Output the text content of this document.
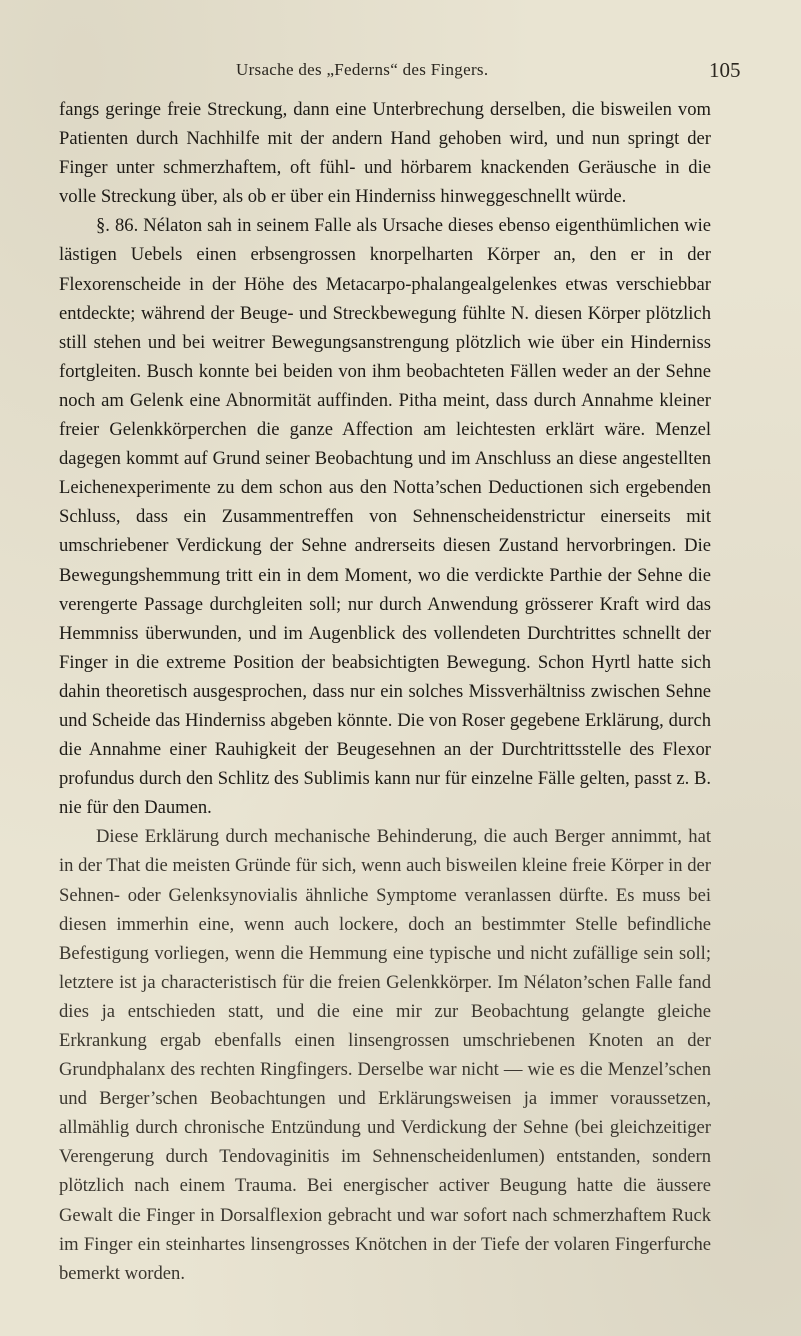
Ursache des „Federns“ des Fingers.	105

fangs geringe freie Streckung, dann eine Unterbrechung derselben, die bisweilen vom Patienten durch Nachhilfe mit der andern Hand gehoben wird, und nun springt der Finger unter schmerzhaftem, oft fühl- und hörbarem knackenden Geräusche in die volle Streckung über, als ob er über ein Hinderniss hinweggeschnellt würde.

§. 86. Nélaton sah in seinem Falle als Ursache dieses ebenso eigenthümlichen wie lästigen Uebels einen erbsengrossen knorpelharten Körper an, den er in der Flexorenscheide in der Höhe des Metacarpo-phalangealgelenkes etwas verschiebbar entdeckte; während der Beuge- und Streckbewegung fühlte N. diesen Körper plötzlich still stehen und bei weitrer Bewegungsanstrengung plötzlich wie über ein Hinderniss fortgleiten. Busch konnte bei beiden von ihm beobachteten Fällen weder an der Sehne noch am Gelenk eine Abnormität auffinden. Pitha meint, dass durch Annahme kleiner freier Gelenkkörperchen die ganze Affection am leichtesten erklärt wäre. Menzel dagegen kommt auf Grund seiner Beobachtung und im Anschluss an diese angestellten Leichenexperimente zu dem schon aus den Notta’schen Deductionen sich ergebenden Schluss, dass ein Zusammentreffen von Sehnenscheidenstrictur einerseits mit umschriebener Verdickung der Sehne andrerseits diesen Zustand hervorbringen. Die Bewegungshemmung tritt ein in dem Moment, wo die verdickte Parthie der Sehne die verengerte Passage durchgleiten soll; nur durch Anwendung grösserer Kraft wird das Hemmniss überwunden, und im Augenblick des vollendeten Durchtrittes schnellt der Finger in die extreme Position der beabsichtigten Bewegung. Schon Hyrtl hatte sich dahin theoretisch ausgesprochen, dass nur ein solches Missverhältniss zwischen Sehne und Scheide das Hinderniss abgeben könnte. Die von Roser gegebene Erklärung, durch die Annahme einer Rauhigkeit der Beugesehnen an der Durchtrittsstelle des Flexor profundus durch den Schlitz des Sublimis kann nur für einzelne Fälle gelten, passt z. B. nie für den Daumen.

Diese Erklärung durch mechanische Behinderung, die auch Berger annimmt, hat in der That die meisten Gründe für sich, wenn auch bisweilen kleine freie Körper in der Sehnen- oder Gelenksynovialis ähnliche Symptome veranlassen dürfte. Es muss bei diesen immerhin eine, wenn auch lockere, doch an bestimmter Stelle befindliche Befestigung vorliegen, wenn die Hemmung eine typische und nicht zufällige sein soll; letztere ist ja characteristisch für die freien Gelenkkörper. Im Nélaton’schen Falle fand dies ja entschieden statt, und die eine mir zur Beobachtung gelangte gleiche Erkrankung ergab ebenfalls einen linsengrossen umschriebenen Knoten an der Grundphalanx des rechten Ringfingers. Derselbe war nicht — wie es die Menzel’schen und Berger’schen Beobachtungen und Erklärungsweisen ja immer voraussetzen, allmählig durch chronische Entzündung und Verdickung der Sehne (bei gleichzeitiger Verengerung durch Tendovaginitis im Sehnenscheidenlumen) entstanden, sondern plötzlich nach einem Trauma. Bei energischer activer Beugung hatte die äussere Gewalt die Finger in Dorsalflexion gebracht und war sofort nach schmerzhaftem Ruck im Finger ein steinhartes linsengrosses Knötchen in der Tiefe der volaren Fingerfurche bemerkt worden.
